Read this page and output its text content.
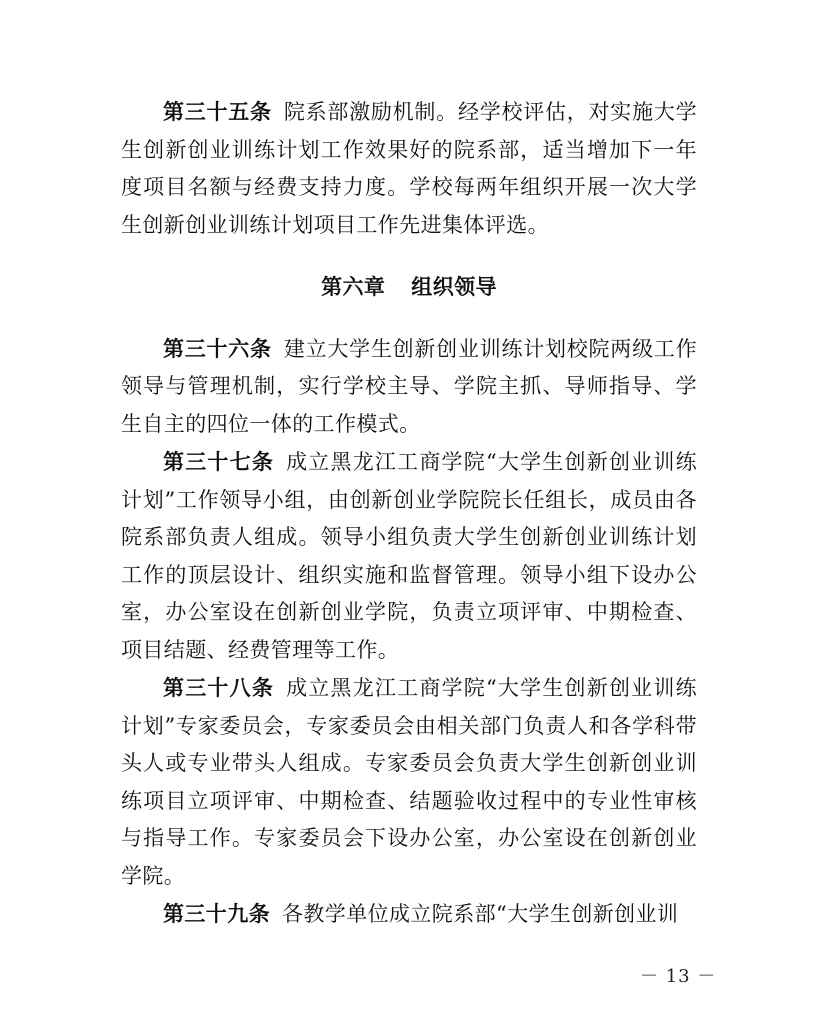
第三十五条 院系部激励机制。经学校评估，对实施大学生创新创业训练计划工作效果好的院系部，适当增加下一年度项目名额与经费支持力度。学校每两年组织开展一次大学生创新创业训练计划项目工作先进集体评选。

第六章 组织领导

第三十六条 建立大学生创新创业训练计划校院两级工作领导与管理机制，实行学校主导、学院主抓、导师指导、学生自主的四位一体的工作模式。

第三十七条 成立黑龙江工商学院“大学生创新创业训练计划”工作领导小组，由创新创业学院院长任组长，成员由各院系部负责人组成。领导小组负责大学生创新创业训练计划工作的顶层设计、组织实施和监督管理。领导小组下设办公室，办公室设在创新创业学院，负责立项评审、中期检查、项目结题、经费管理等工作。

第三十八条 成立黑龙江工商学院“大学生创新创业训练计划”专家委员会，专家委员会由相关部门负责人和各学科带头人或专业带头人组成。专家委员会负责大学生创新创业训练项目立项评审、中期检查、结题验收过程中的专业性审核与指导工作。专家委员会下设办公室，办公室设在创新创业学院。

第三十九条 各教学单位成立院系部“大学生创新创业训

－ 13 －
